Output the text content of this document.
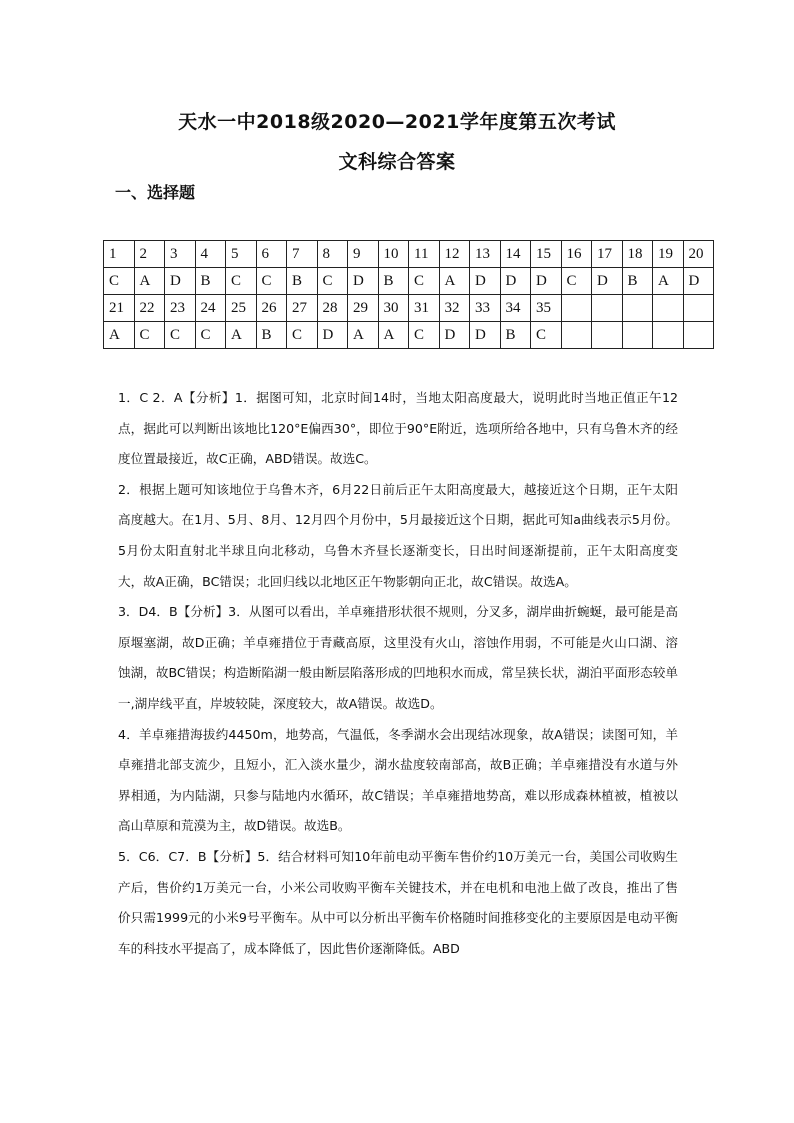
天水一中2018级2020—2021学年度第五次考试
文科综合答案
一、选择题
1	2	3	4	5	6	7	8	9	10	11	12	13	14	15	16	17	18	19	20
C	A	D	B	C	C	B	C	D	B	C	A	D	D	D	C	D	B	A	D
21	22	23	24	25	26	27	28	29	30	31	32	33	34	35					
A	C	C	C	A	B	C	D	A	A	C	D	D	B	C					

1．C 2．A【分析】1．据图可知，北京时间14时，当地太阳高度最大，说明此时当地正值正午12点，据此可以判断出该地比120°E偏西30°，即位于90°E附近，选项所给各地中，只有乌鲁木齐的经度位置最接近，故C正确，ABD错误。故选C。

2．根据上题可知该地位于乌鲁木齐，6月22日前后正午太阳高度最大，越接近这个日期，正午太阳高度越大。在1月、5月、8月、12月四个月份中，5月最接近这个日期，据此可知a曲线表示5月份。5月份太阳直射北半球且向北移动，乌鲁木齐昼长逐渐变长，日出时间逐渐提前，正午太阳高度变大，故A正确，BC错误；北回归线以北地区正午物影朝向正北，故C错误。故选A。

3．D4．B【分析】3．从图可以看出，羊卓雍措形状很不规则，分叉多，湖岸曲折蜿蜒，最可能是高原堰塞湖，故D正确；羊卓雍措位于青藏高原，这里没有火山，溶蚀作用弱，不可能是火山口湖、溶蚀湖，故BC错误；构造断陷湖一般由断层陷落形成的凹地积水而成，常呈狭长状，湖泊平面形态较单一,湖岸线平直，岸坡较陡，深度较大，故A错误。故选D。

4．羊卓雍措海拔约4450m，地势高，气温低，冬季湖水会出现结冰现象，故A错误；读图可知，羊卓雍措北部支流少，且短小，汇入淡水量少，湖水盐度较南部高，故B正确；羊卓雍措没有水道与外界相通，为内陆湖，只参与陆地内水循环，故C错误；羊卓雍措地势高，难以形成森林植被，植被以高山草原和荒漠为主，故D错误。故选B。

5．C6．C7．B【分析】5．结合材料可知10年前电动平衡车售价约10万美元一台，美国公司收购生产后，售价约1万美元一台，小米公司收购平衡车关键技术，并在电机和电池上做了改良，推出了售价只需1999元的小米9号平衡车。从中可以分析出平衡车价格随时间推移变化的主要原因是电动平衡车的科技水平提高了，成本降低了，因此售价逐渐降低。ABD
